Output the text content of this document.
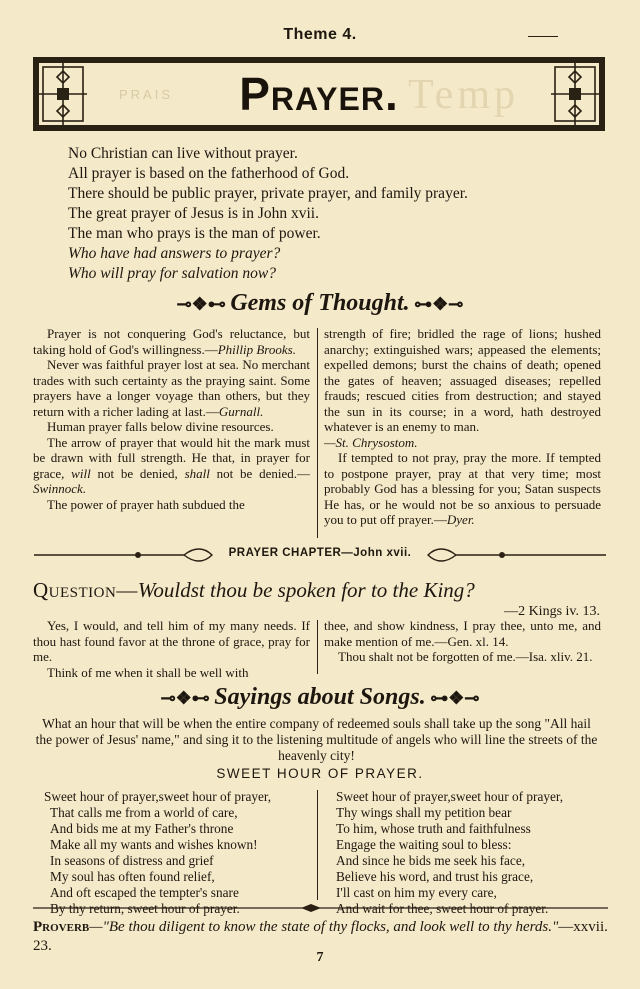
Theme 4.
PRAIS	Temp
Prayer.
No Christian can live without prayer.
All prayer is based on the fatherhood of God.
There should be public prayer, private prayer, and family prayer.
The great prayer of Jesus is in John xvii.
The man who prays is the man of power.
Who have had answers to prayer?
Who will pray for salvation now?
⊸❖⊷ Gems of Thought. ⊶❖⊸

Prayer is not conquering God's reluctance, but taking hold of God's willingness.—Phillip Brooks.

Never was faithful prayer lost at sea. No merchant trades with such certainty as the praying saint. Some prayers have a longer voyage than others, but they return with a richer lading at last.—Gurnall.

Human prayer falls below divine resources.

The arrow of prayer that would hit the mark must be drawn with full strength. He that, in prayer for grace, will not be denied, shall not be denied.—Swinnock.

The power of prayer hath subdued the

strength of fire; bridled the rage of lions; hushed anarchy; extinguished wars; appeased the elements; expelled demons; burst the chains of death; opened the gates of heaven; assuaged diseases; repelled frauds; rescued cities from destruction; and stayed the sun in its course; in a word, hath destroyed whatever is an enemy to man.

—St. Chrysostom.

If tempted to not pray, pray the more. If tempted to postpone prayer, pray at that very time; most probably God has a blessing for you; Satan suspects He has, or he would not be so anxious to persuade you to put off prayer.—Dyer.

PRAYER CHAPTER—John xvii.
Question—Wouldst thou be spoken for to the King?
—2 Kings iv. 13.

Yes, I would, and tell him of my many needs. If thou hast found favor at the throne of grace, pray for me.

Think of me when it shall be well with

thee, and show kindness, I pray thee, unto me, and make mention of me.—Gen. xl. 14.

Thou shalt not be forgotten of me.—Isa. xliv. 21.

⊸❖⊷ Sayings about Songs. ⊶❖⊸
What an hour that will be when the entire company of redeemed souls shall take up the song "All hail the power of Jesus' name," and sing it to the listening multitude of angels who will line the streets of the heavenly city!
SWEET HOUR OF PRAYER.
Sweet hour of prayer,sweet hour of prayer,
That calls me from a world of care,
And bids me at my Father's throne
Make all my wants and wishes known!
In seasons of distress and grief
My soul has often found relief,
And oft escaped the tempter's snare
By thy return, sweet hour of prayer.
Sweet hour of prayer,sweet hour of prayer,
Thy wings shall my petition bear
To him, whose truth and faithfulness
Engage the waiting soul to bless:
And since he bids me seek his face,
Believe his word, and trust his grace,
I'll cast on him my every care,
And wait for thee, sweet hour of prayer.
Proverb—"Be thou diligent to know the state of thy flocks, and look well to thy herds."—xxvii. 23.
7
